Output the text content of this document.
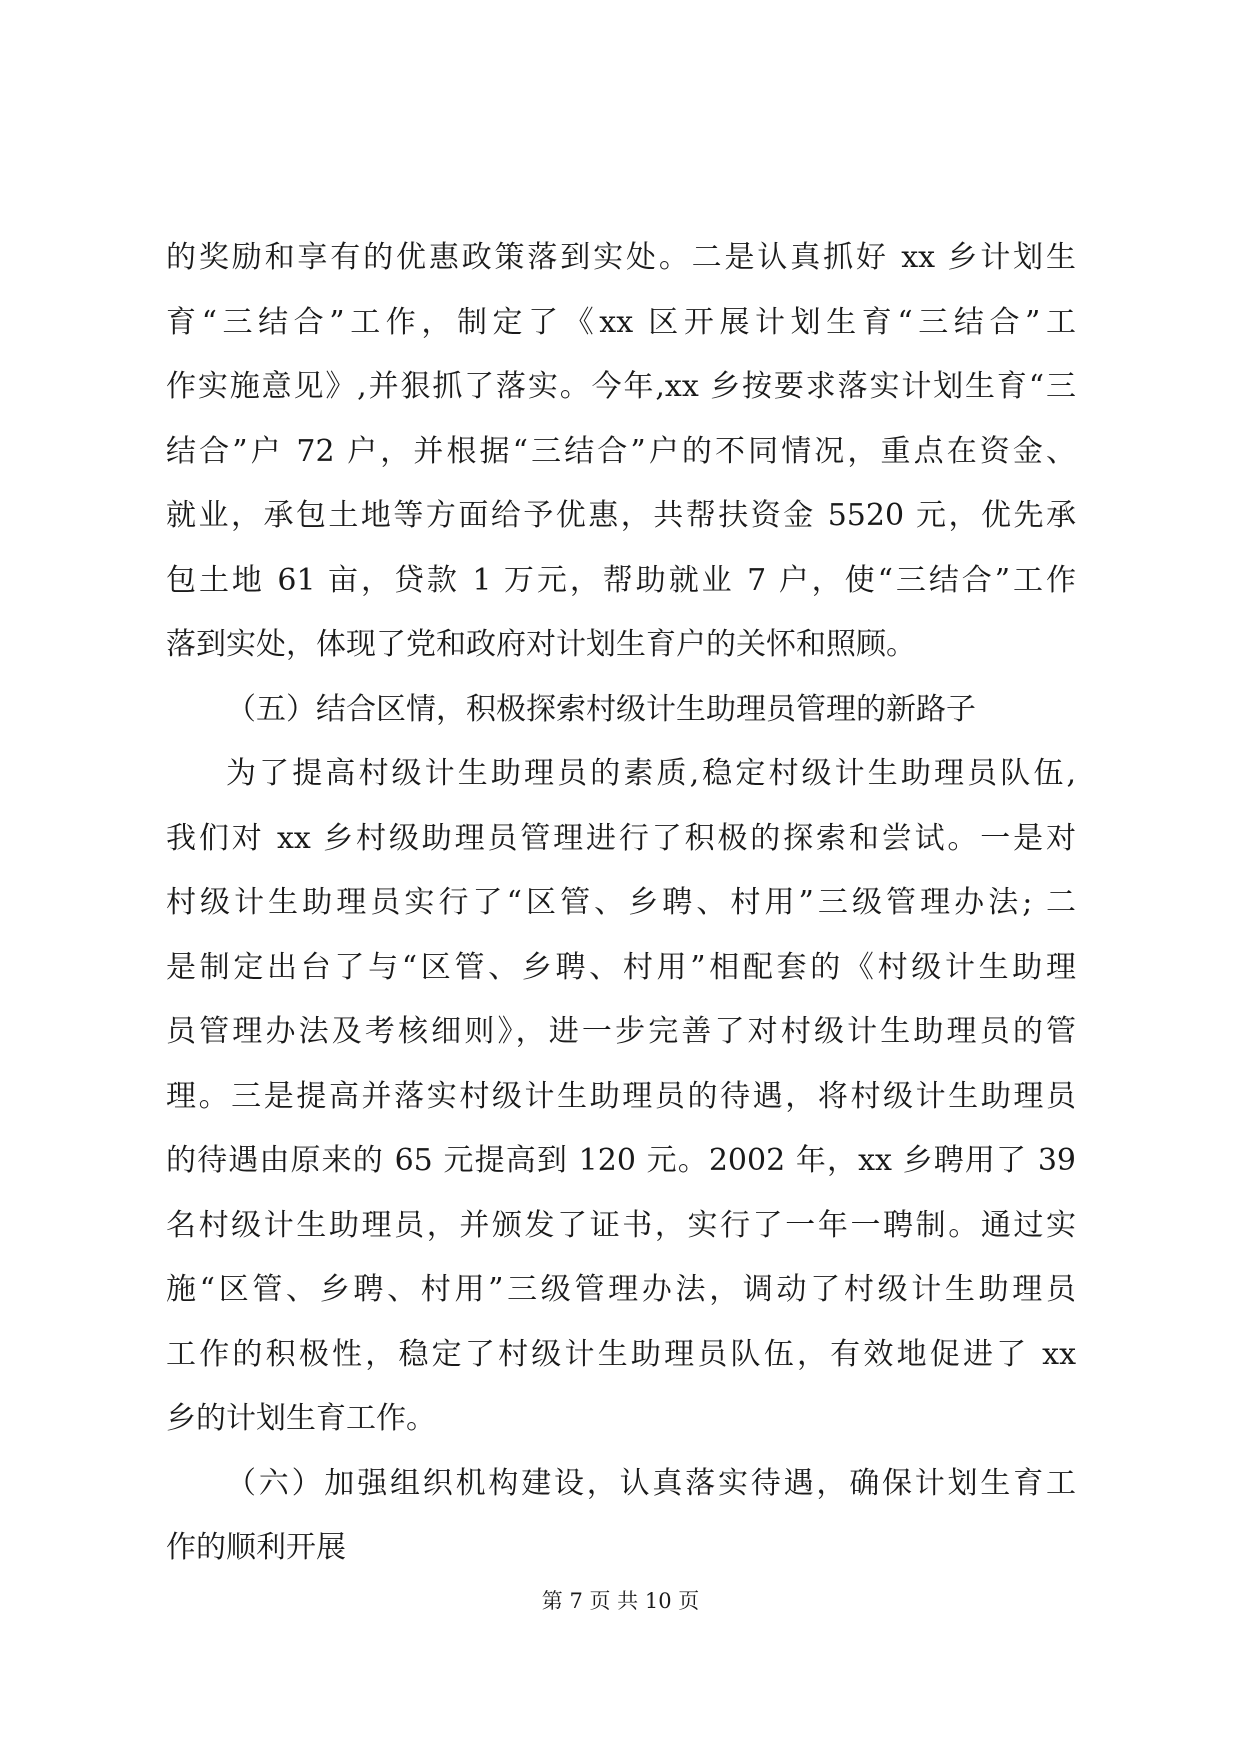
的奖励和享有的优惠政策落到实处。二是认真抓好 xx 乡计划生
育“三结合”工作，制定了《xx 区开展计划生育“三结合”工
作实施意见》,并狠抓了落实。今年,xx 乡按要求落实计划生育“三
结合”户 72 户，并根据“三结合”户的不同情况，重点在资金、
就业，承包土地等方面给予优惠，共帮扶资金 5520 元，优先承
包土地 61 亩，贷款 1 万元，帮助就业 7 户，使“三结合”工作
落到实处，体现了党和政府对计划生育户的关怀和照顾。
（五）结合区情，积极探索村级计生助理员管理的新路子
为了提高村级计生助理员的素质,稳定村级计生助理员队伍,
我们对 xx 乡村级助理员管理进行了积极的探索和尝试。一是对
村级计生助理员实行了“区管、乡聘、村用”三级管理办法; 二
是制定出台了与“区管、乡聘、村用”相配套的《村级计生助理
员管理办法及考核细则》，进一步完善了对村级计生助理员的管
理。三是提高并落实村级计生助理员的待遇，将村级计生助理员
的待遇由原来的 65 元提高到 120 元。2002 年，xx 乡聘用了 39
名村级计生助理员，并颁发了证书，实行了一年一聘制。通过实
施“区管、乡聘、村用”三级管理办法，调动了村级计生助理员
工作的积极性，稳定了村级计生助理员队伍，有效地促进了 xx
乡的计划生育工作。
（六）加强组织机构建设，认真落实待遇，确保计划生育工
作的顺利开展
第 7 页 共 10 页
